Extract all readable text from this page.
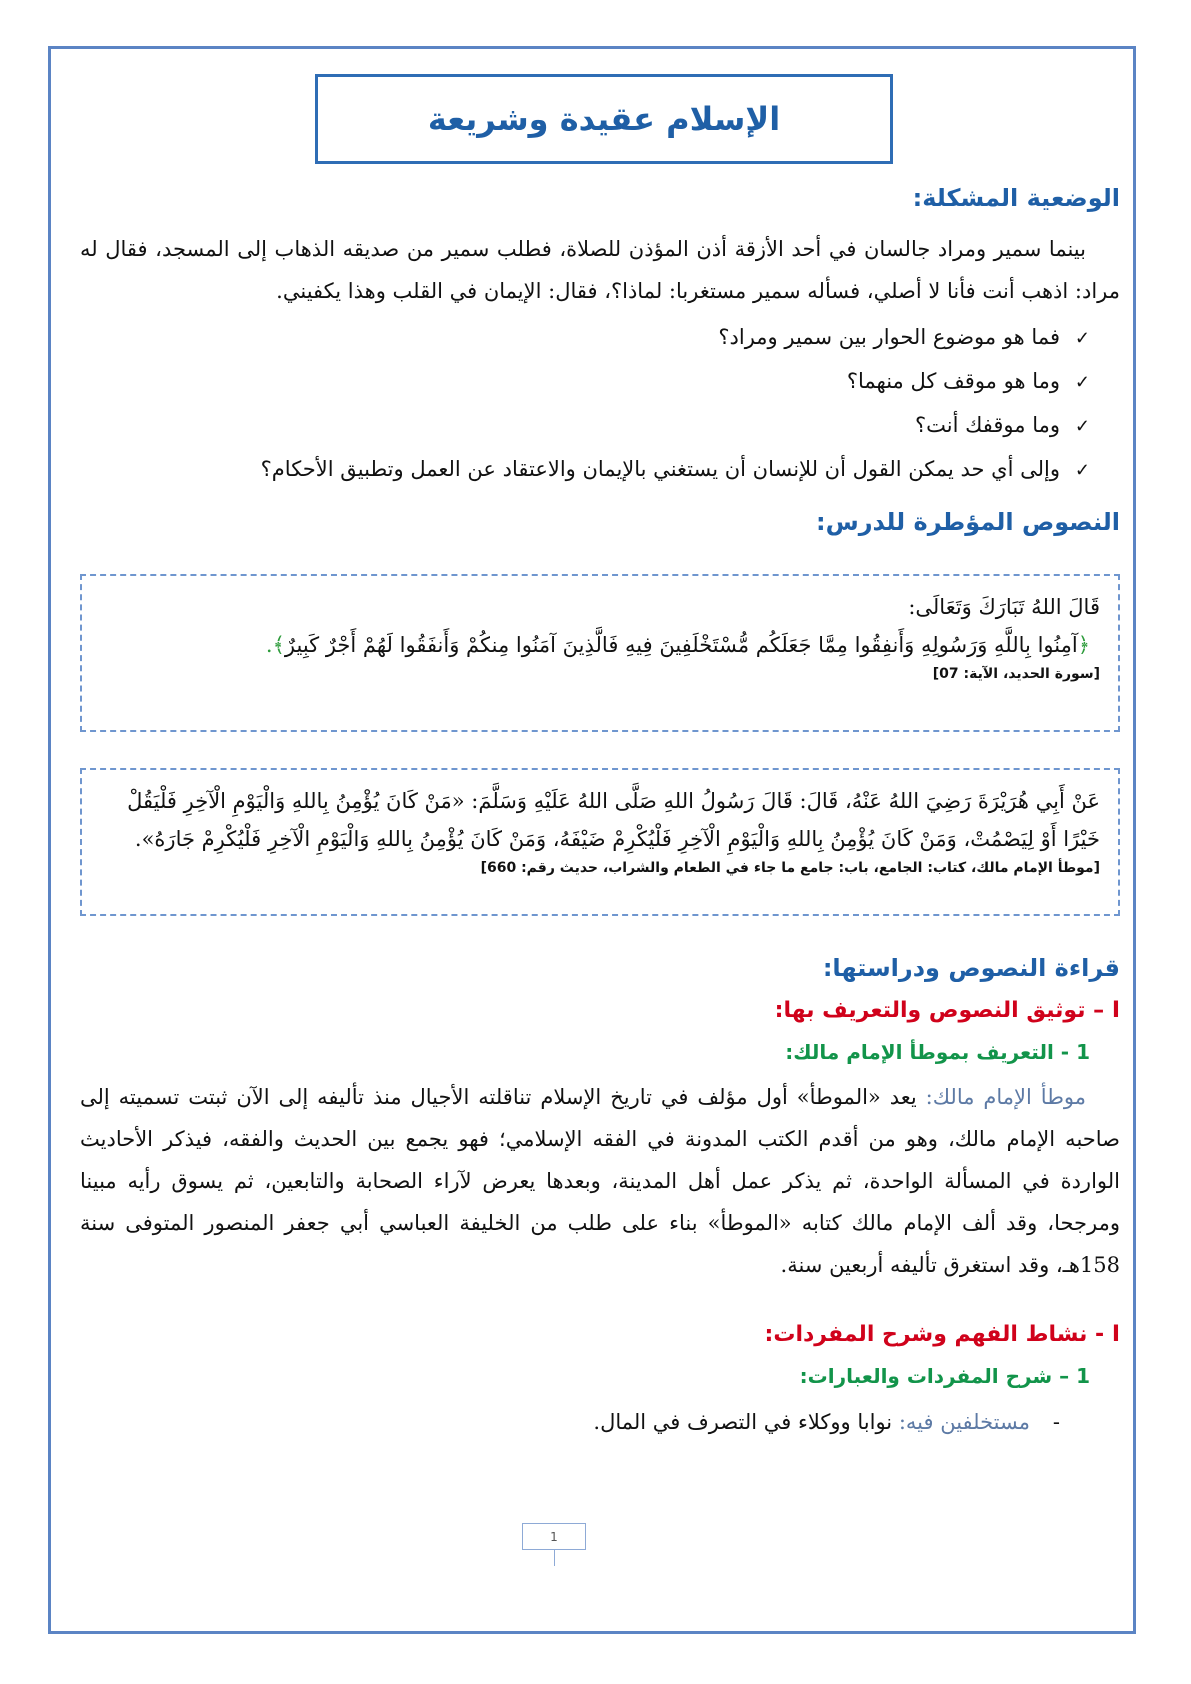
الإسلام عقيدة وشريعة
الوضعية المشكلة:
بينما سمير ومراد جالسان في أحد الأزقة أذن المؤذن للصلاة، فطلب سمير من صديقه الذهاب إلى المسجد، فقال له مراد: اذهب أنت فأنا لا أصلي، فسأله سمير مستغربا: لماذا؟، فقال: الإيمان في القلب وهذا يكفيني.
✓فما هو موضوع الحوار بين سمير ومراد؟
✓وما هو موقف كل منهما؟
✓وما موقفك أنت؟
✓وإلى أي حد يمكن القول أن للإنسان أن يستغني بالإيمان والاعتقاد عن العمل وتطبيق الأحكام؟
النصوص المؤطرة للدرس:
قَالَ اللهُ تَبَارَكَ وَتَعَالَى:
﴿آمِنُوا بِاللَّهِ وَرَسُولِهِ وَأَنفِقُوا مِمَّا جَعَلَكُم مُّسْتَخْلَفِينَ فِيهِ فَالَّذِينَ آمَنُوا مِنكُمْ وَأَنفَقُوا لَهُمْ أَجْرٌ كَبِيرٌ﴾.
[سورة الحديد، الآية: 07]
عَنْ أَبِي هُرَيْرَةَ رَضِيَ اللهُ عَنْهُ، قَالَ: قَالَ رَسُولُ اللهِ صَلَّى اللهُ عَلَيْهِ وَسَلَّمَ: «مَنْ كَانَ يُؤْمِنُ بِاللهِ وَالْيَوْمِ الْآخِرِ فَلْيَقُلْ خَيْرًا أَوْ لِيَصْمُتْ، وَمَنْ كَانَ يُؤْمِنُ بِاللهِ وَالْيَوْمِ الْآخِرِ فَلْيُكْرِمْ ضَيْفَهُ، وَمَنْ كَانَ يُؤْمِنُ بِاللهِ وَالْيَوْمِ الْآخِرِ فَلْيُكْرِمْ جَارَهُ».
[موطأ الإمام مالك، كتاب: الجامع، باب: جامع ما جاء في الطعام والشراب، حديث رقم: 660]
قراءة النصوص ودراستها:
I – توثيق النصوص والتعريف بها:
1 - التعريف بموطأ الإمام مالك:
موطأ الإمام مالك: يعد «الموطأ» أول مؤلف في تاريخ الإسلام تناقلته الأجيال منذ تأليفه إلى الآن ثبتت تسميته إلى صاحبه الإمام مالك، وهو من أقدم الكتب المدونة في الفقه الإسلامي؛ فهو يجمع بين الحديث والفقه، فيذكر الأحاديث الواردة في المسألة الواحدة، ثم يذكر عمل أهل المدينة، وبعدها يعرض لآراء الصحابة والتابعين، ثم يسوق رأيه مبينا ومرجحا، وقد ألف الإمام مالك كتابه «الموطأ» بناء على طلب من الخليفة العباسي أبي جعفر المنصور المتوفى سنة 158هـ، وقد استغرق تأليفه أربعين سنة.
I - نشاط الفهم وشرح المفردات:
1 – شرح المفردات والعبارات:
-مستخلفين فيه: نوابا ووكلاء في التصرف في المال.
1
